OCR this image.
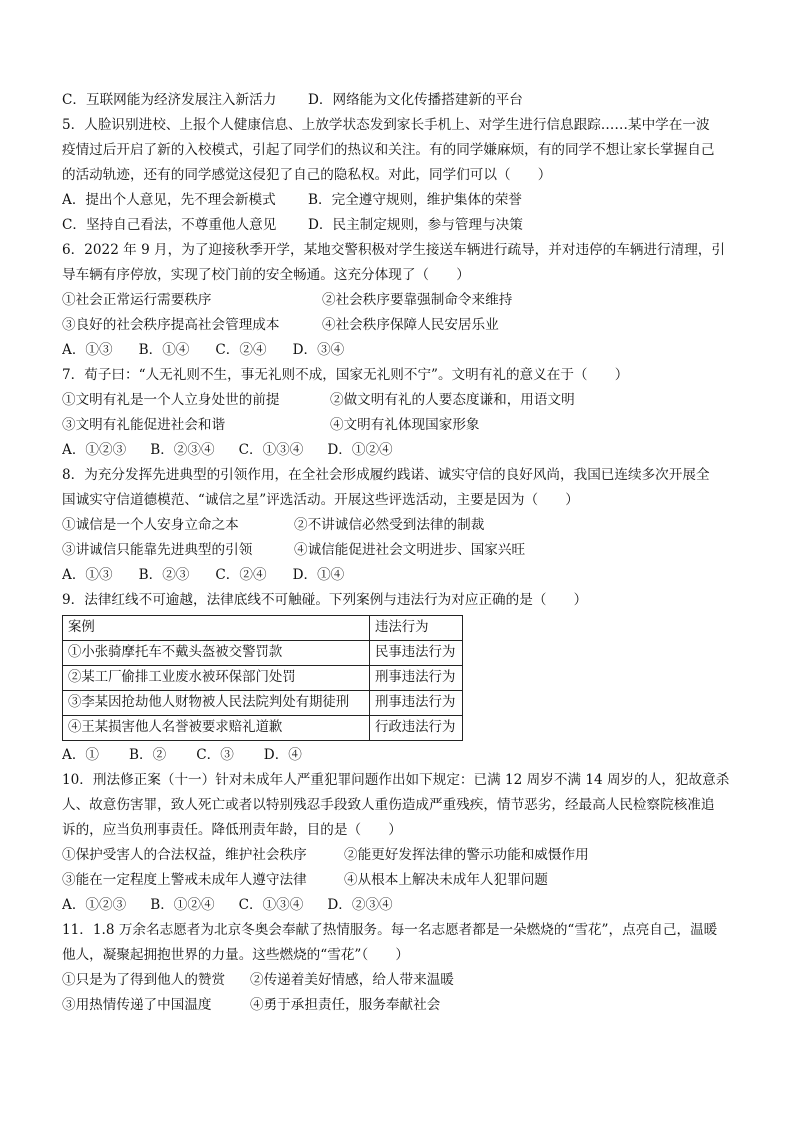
C．互联网能为经济发展注入新活力 D．网络能为文化传播搭建新的平台
5．人脸识别进校、上报个人健康信息、上放学状态发到家长手机上、对学生进行信息跟踪……某中学在一波
疫情过后开启了新的入校模式，引起了同学们的热议和关注。有的同学嫌麻烦，有的同学不想让家长掌握自己
的活动轨迹，还有的同学感觉这侵犯了自己的隐私权。对此，同学们可以（　　）
A．提出个人意见，先不理会新模式 B．完全遵守规则，维护集体的荣誉
C．坚持自己看法，不尊重他人意见 D．民主制定规则，参与管理与决策
6．2022 年 9 月，为了迎接秋季开学，某地交警积极对学生接送车辆进行疏导，并对违停的车辆进行清理，引
导车辆有序停放，实现了校门前的安全畅通。这充分体现了（　　）
①社会正常运行需要秩序	②社会秩序要靠强制命令来维持
③良好的社会秩序提高社会管理成本	④社会秩序保障人民安居乐业
A．①③ B．①④ C．②④ D．③④
7．荀子曰：“人无礼则不生，事无礼则不成，国家无礼则不宁”。文明有礼的意义在于（　　）
①文明有礼是一个人立身处世的前提	②做文明有礼的人要态度谦和，用语文明
③文明有礼能促进社会和谐	④文明有礼体现国家形象
A．①②③ B．②③④ C．①③④ D．①②④
8．为充分发挥先进典型的引领作用，在全社会形成履约践诺、诚实守信的良好风尚，我国已连续多次开展全
国诚实守信道德模范、“诚信之星”评选活动。开展这些评选活动，主要是因为（　　）
①诚信是一个人安身立命之本	②不讲诚信必然受到法律的制裁
③讲诚信只能靠先进典型的引领	④诚信能促进社会文明进步、国家兴旺
A．①③ B．②③ C．②④ D．①④
9．法律红线不可逾越，法律底线不可触碰。下列案例与违法行为对应正确的是（　　）
案例	违法行为
①小张骑摩托车不戴头盔被交警罚款	民事违法行为
②某工厂偷排工业废水被环保部门处罚	刑事违法行为
③李某因抢劫他人财物被人民法院判处有期徒刑	刑事违法行为
④王某损害他人名誉被要求赔礼道歉	行政违法行为
A．① B．② C．③ D．④
10．刑法修正案（十一）针对未成年人严重犯罪问题作出如下规定：已满 12 周岁不满 14 周岁的人，犯故意杀
人、故意伤害罪，致人死亡或者以特别残忍手段致人重伤造成严重残疾，情节恶劣，经最高人民检察院核准追
诉的，应当负刑事责任。降低刑责年龄，目的是（　　）
①保护受害人的合法权益，维护社会秩序	②能更好发挥法律的警示功能和威慑作用
③能在一定程度上警戒未成年人遵守法律	④从根本上解决未成年人犯罪问题
A．①②③ B．①②④ C．①③④ D．②③④
11．1.8 万余名志愿者为北京冬奥会奉献了热情服务。每一名志愿者都是一朵燃烧的“雪花”，点亮自己，温暖
他人，凝聚起拥抱世界的力量。这些燃烧的“雪花”（　　）
①只是为了得到他人的赞赏 ②传递着美好情感，给人带来温暖
③用热情传递了中国温度	④勇于承担责任，服务奉献社会
